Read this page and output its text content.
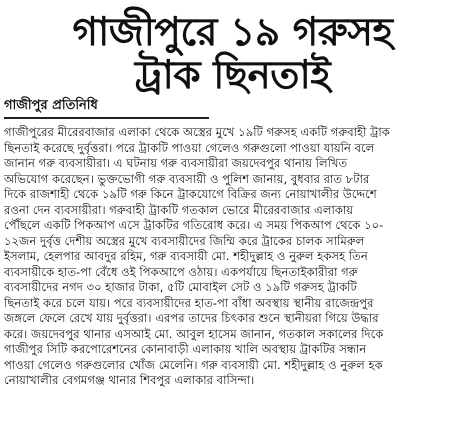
গাজীপুরে ১৯ গরুসহ
ট্রাক ছিনতাই
গাজীপুর প্রতিনিধি
গাজীপুরের মীরেরবাজার এলাকা থেকে অস্ত্রের মুখে ১৯টি গরুসহ একটি গরুবাহী ট্রাক
ছিনতাই করেছে দুর্বৃত্তরা। পরে ট্রাকটি পাওয়া গেলেও গরুগুলো পাওয়া যায়নি বলে
জানান গরু ব্যবসায়ীরা। এ ঘটনায় গরু ব্যবসায়ীরা জয়দেবপুর থানায় লিখিত
অভিযোগ করেছেন। ভুক্তভোগী গরু ব্যবসায়ী ও পুলিশ জানায়, বুধবার রাত ৮টার
দিকে রাজশাহী থেকে ১৯টি গরু কিনে ট্রাকযোগে বিক্রির জন্য নোয়াখালীর উদ্দেশে
রওনা দেন ব্যবসায়ীরা। গরুবাহী ট্রাকটি গতকাল ভোরে মীরেরবাজার এলাকায়
পৌঁছলে একটি পিকআপ এসে ট্রাকটির গতিরোধ করে। এ সময় পিকআপ থেকে ১০-
১২জন দুর্বৃত্ত দেশীয় অস্ত্রের মুখে ব্যবসায়ীদের জিম্মি করে ট্রাকের চালক সামিরুল
ইসলাম, হেলপার আবদুর রহিম, গরু ব্যবসায়ী মো. শহীদুল্লাহ ও নুরুল হকসহ তিন
ব্যবসায়ীকে হাত-পা বেঁধে ওই পিকআপে ওঠায়। একপর্যায়ে ছিনতাইকারীরা গরু
ব্যবসায়ীদের নগদ ৩০ হাজার টাকা, ৫টি মোবাইল সেট ও ১৯টি গরুসহ ট্রাকটি
ছিনতাই করে চলে যায়। পরে ব্যবসায়ীদের হাত-পা বাঁধা অবস্থায় স্থানীয় রাজেন্দ্রপুর
জঙ্গলে ফেলে রেখে যায় দুর্বৃত্তরা। এরপর তাদের চিৎকার শুনে স্থানীয়রা গিয়ে উদ্ধার
করে। জয়দেবপুর থানার এসআই মো. আবুল হাসেম জানান, গতকাল সকালের দিকে
গাজীপুর সিটি করপোরেশনের কোনাবাড়ী এলাকায় খালি অবস্থায় ট্রাকটির সন্ধান
পাওয়া গেলেও গরুগুলোর খোঁজ মেলেনি। গরু ব্যবসায়ী মো. শহীদুল্লাহ ও নুরুল হক
নোয়াখালীর বেগমগঞ্জ থানার শিবপুর এলাকার বাসিন্দা।
